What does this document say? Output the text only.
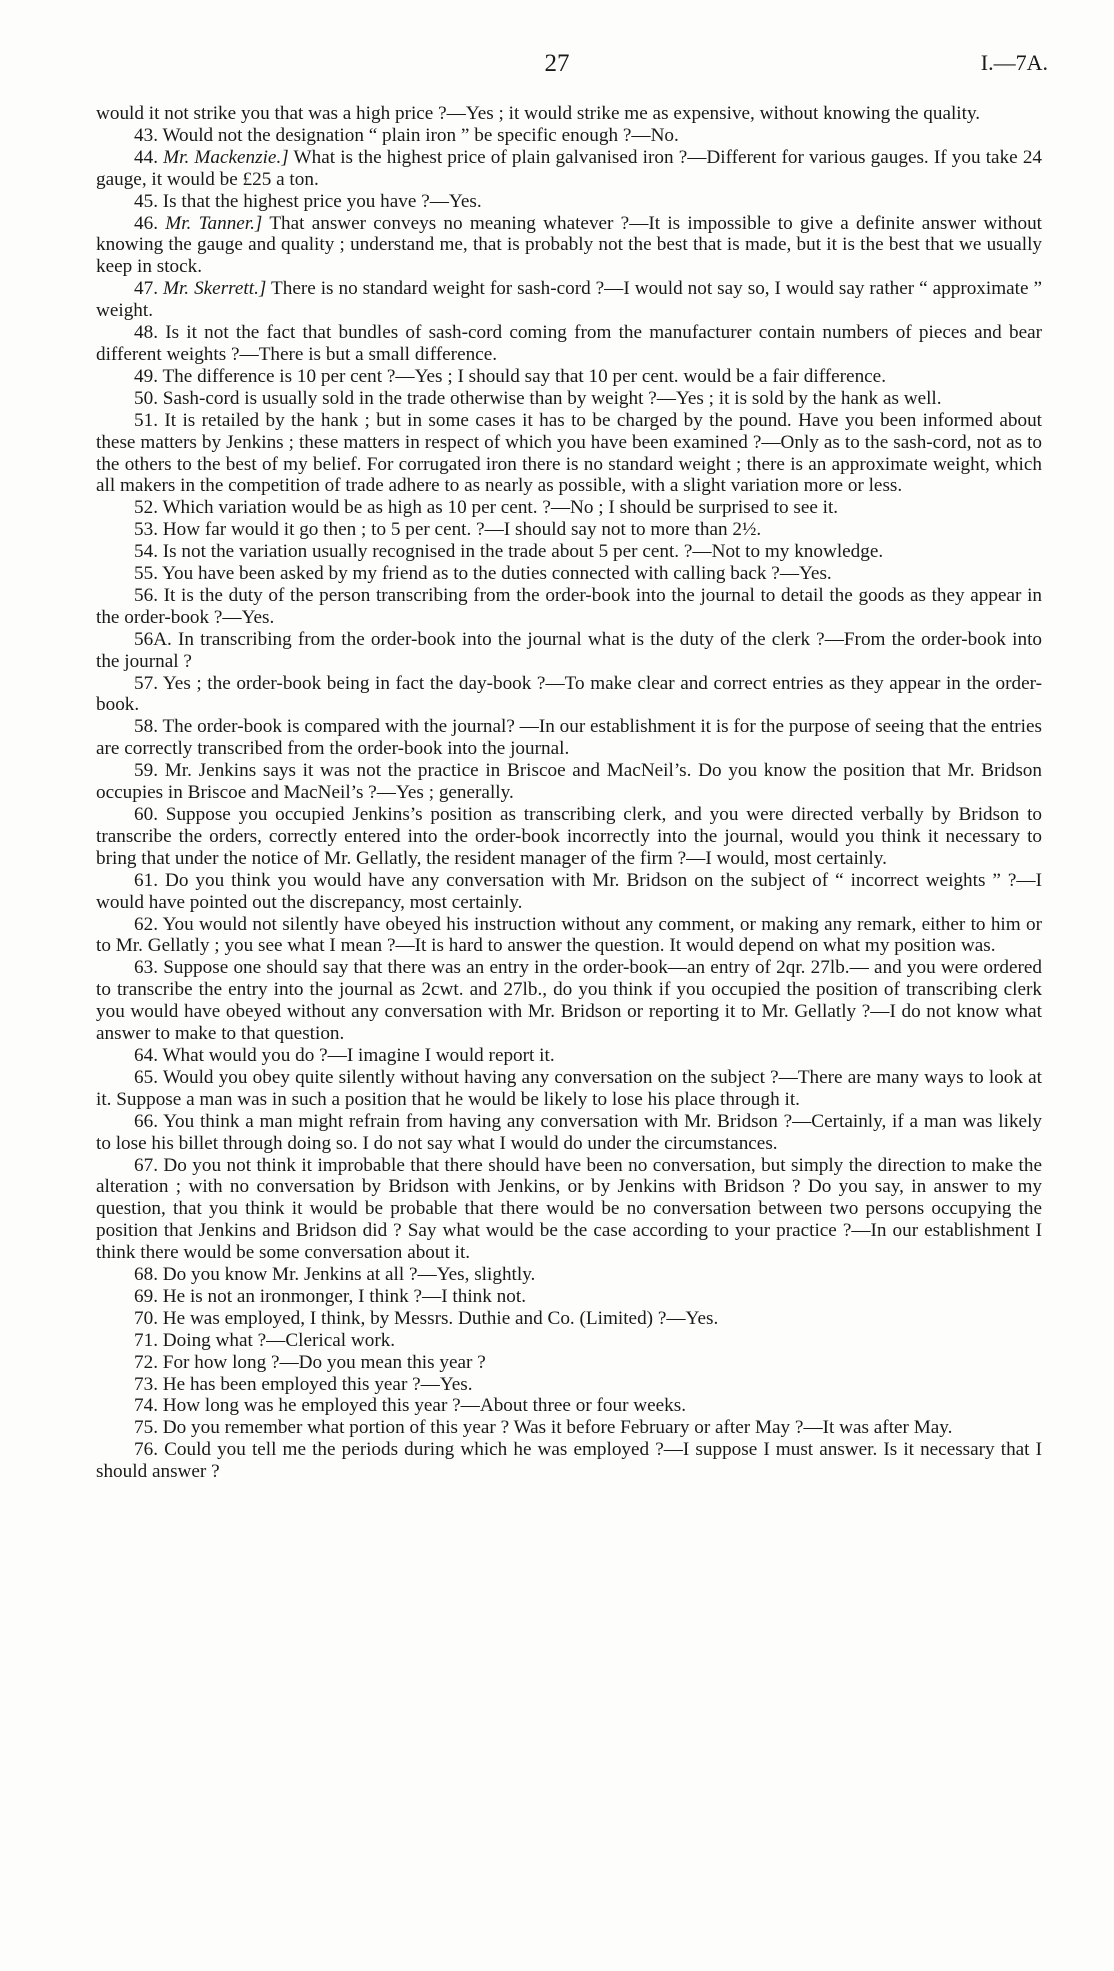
27	I.—7A.

would it not strike you that was a high price ?—Yes ; it would strike me as expensive, without knowing the quality.

43. Would not the designation “ plain iron ” be specific enough ?—No.

44. Mr. Mackenzie.] What is the highest price of plain galvanised iron ?—Different for various gauges. If you take 24 gauge, it would be £25 a ton.

45. Is that the highest price you have ?—Yes.

46. Mr. Tanner.] That answer conveys no meaning whatever ?—It is impossible to give a definite answer without knowing the gauge and quality ; understand me, that is probably not the best that is made, but it is the best that we usually keep in stock.

47. Mr. Skerrett.] There is no standard weight for sash-cord ?—I would not say so, I would say rather “ approximate ” weight.

48. Is it not the fact that bundles of sash-cord coming from the manufacturer contain numbers of pieces and bear different weights ?—There is but a small difference.

49. The difference is 10 per cent ?—Yes ; I should say that 10 per cent. would be a fair difference.

50. Sash-cord is usually sold in the trade otherwise than by weight ?—Yes ; it is sold by the hank as well.

51. It is retailed by the hank ; but in some cases it has to be charged by the pound. Have you been informed about these matters by Jenkins ; these matters in respect of which you have been examined ?—Only as to the sash-cord, not as to the others to the best of my belief. For corrugated iron there is no standard weight ; there is an approximate weight, which all makers in the competition of trade adhere to as nearly as possible, with a slight variation more or less.

52. Which variation would be as high as 10 per cent. ?—No ; I should be surprised to see it.

53. How far would it go then ; to 5 per cent. ?—I should say not to more than 2½.

54. Is not the variation usually recognised in the trade about 5 per cent. ?—Not to my knowledge.

55. You have been asked by my friend as to the duties connected with calling back ?—Yes.

56. It is the duty of the person transcribing from the order-book into the journal to detail the goods as they appear in the order-book ?—Yes.

56A. In transcribing from the order-book into the journal what is the duty of the clerk ?—From the order-book into the journal ?

57. Yes ; the order-book being in fact the day-book ?—To make clear and correct entries as they appear in the order-book.

58. The order-book is compared with the journal? —In our establishment it is for the purpose of seeing that the entries are correctly transcribed from the order-book into the journal.

59. Mr. Jenkins says it was not the practice in Briscoe and MacNeil’s. Do you know the position that Mr. Bridson occupies in Briscoe and MacNeil’s ?—Yes ; generally.

60. Suppose you occupied Jenkins’s position as transcribing clerk, and you were directed verbally by Bridson to transcribe the orders, correctly entered into the order-book incorrectly into the journal, would you think it necessary to bring that under the notice of Mr. Gellatly, the resident manager of the firm ?—I would, most certainly.

61. Do you think you would have any conversation with Mr. Bridson on the subject of “ incorrect weights ” ?—I would have pointed out the discrepancy, most certainly.

62. You would not silently have obeyed his instruction without any comment, or making any remark, either to him or to Mr. Gellatly ; you see what I mean ?—It is hard to answer the question. It would depend on what my position was.

63. Suppose one should say that there was an entry in the order-book—an entry of 2qr. 27lb.— and you were ordered to transcribe the entry into the journal as 2cwt. and 27lb., do you think if you occupied the position of transcribing clerk you would have obeyed without any conversation with Mr. Bridson or reporting it to Mr. Gellatly ?—I do not know what answer to make to that question.

64. What would you do ?—I imagine I would report it.

65. Would you obey quite silently without having any conversation on the subject ?—There are many ways to look at it. Suppose a man was in such a position that he would be likely to lose his place through it.

66. You think a man might refrain from having any conversation with Mr. Bridson ?—Certainly, if a man was likely to lose his billet through doing so. I do not say what I would do under the circumstances.

67. Do you not think it improbable that there should have been no conversation, but simply the direction to make the alteration ; with no conversation by Bridson with Jenkins, or by Jenkins with Bridson ? Do you say, in answer to my question, that you think it would be probable that there would be no conversation between two persons occupying the position that Jenkins and Bridson did ? Say what would be the case according to your practice ?—In our establishment I think there would be some conversation about it.

68. Do you know Mr. Jenkins at all ?—Yes, slightly.

69. He is not an ironmonger, I think ?—I think not.

70. He was employed, I think, by Messrs. Duthie and Co. (Limited) ?—Yes.

71. Doing what ?—Clerical work.

72. For how long ?—Do you mean this year ?

73. He has been employed this year ?—Yes.

74. How long was he employed this year ?—About three or four weeks.

75. Do you remember what portion of this year ? Was it before February or after May ?—It was after May.

76. Could you tell me the periods during which he was employed ?—I suppose I must answer. Is it necessary that I should answer ?
